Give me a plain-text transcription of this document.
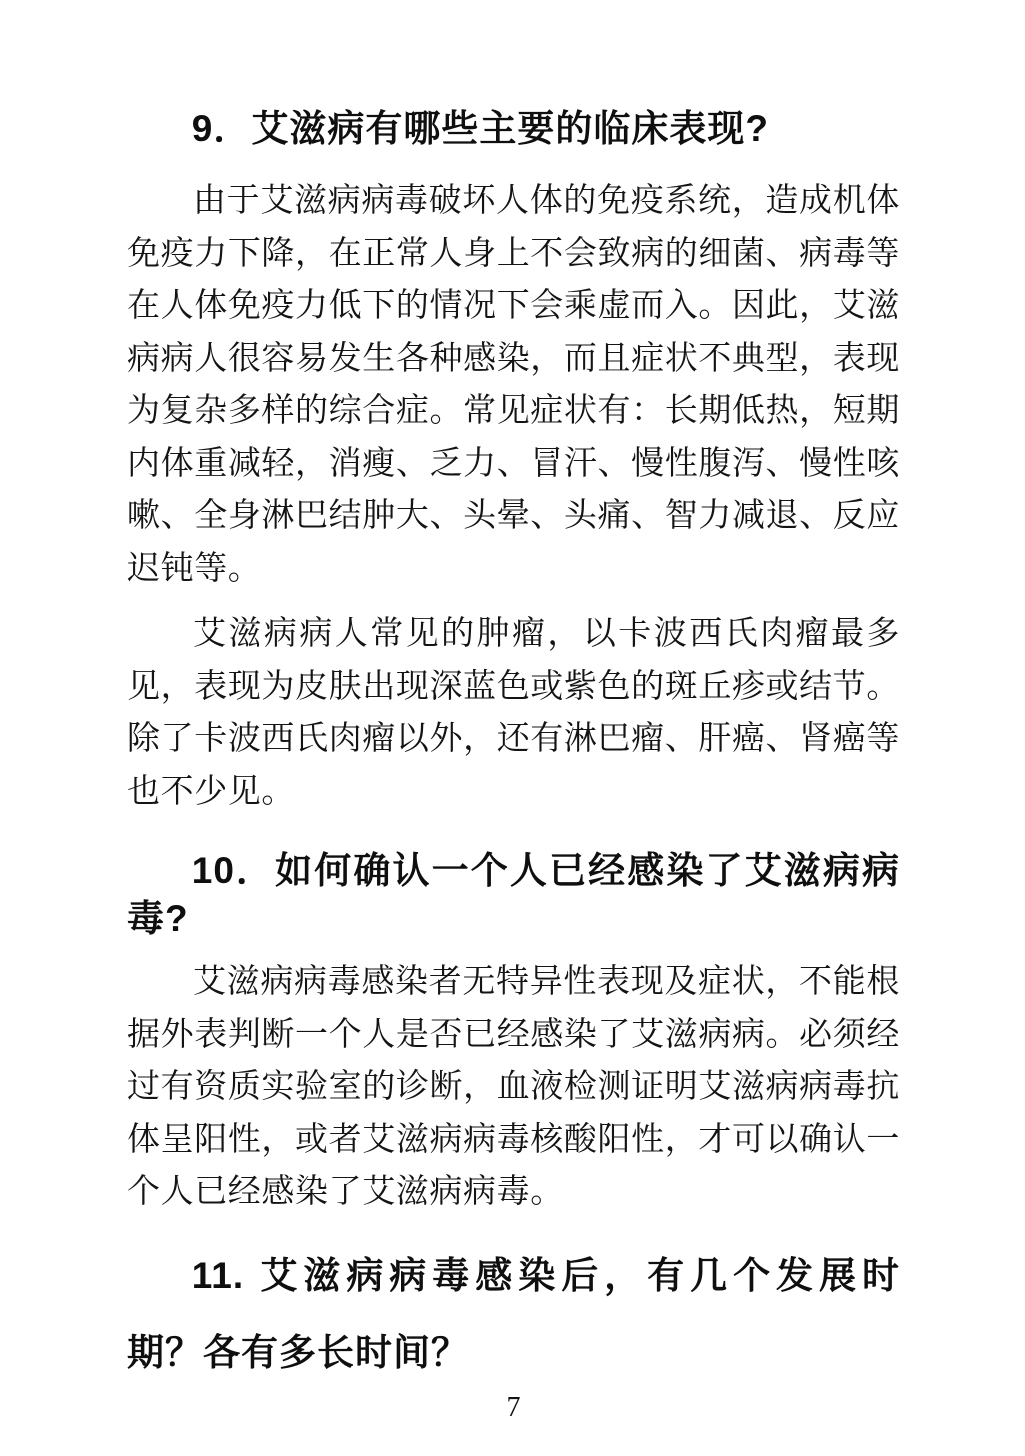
9．艾滋病有哪些主要的临床表现?

由于艾滋病病毒破坏人体的免疫系统，造成机体免疫力下降，在正常人身上不会致病的细菌、病毒等在人体免疫力低下的情况下会乘虚而入。因此，艾滋病病人很容易发生各种感染，而且症状不典型，表现为复杂多样的综合症。常见症状有：长期低热，短期内体重减轻，消瘦、乏力、冒汗、慢性腹泻、慢性咳嗽、全身淋巴结肿大、头晕、头痛、智力减退、反应迟钝等。

艾滋病病人常见的肿瘤，以卡波西氏肉瘤最多见，表现为皮肤出现深蓝色或紫色的斑丘疹或结节。除了卡波西氏肉瘤以外，还有淋巴瘤、肝癌、肾癌等也不少见。

10．如何确认一个人已经感染了艾滋病病毒?

艾滋病病毒感染者无特异性表现及症状，不能根据外表判断一个人是否已经感染了艾滋病病。必须经过有资质实验室的诊断，血液检测证明艾滋病病毒抗体呈阳性，或者艾滋病病毒核酸阳性，才可以确认一个人已经感染了艾滋病病毒。

11. 艾滋病病毒感染后，有几个发展时期？各有多长时间？
7
